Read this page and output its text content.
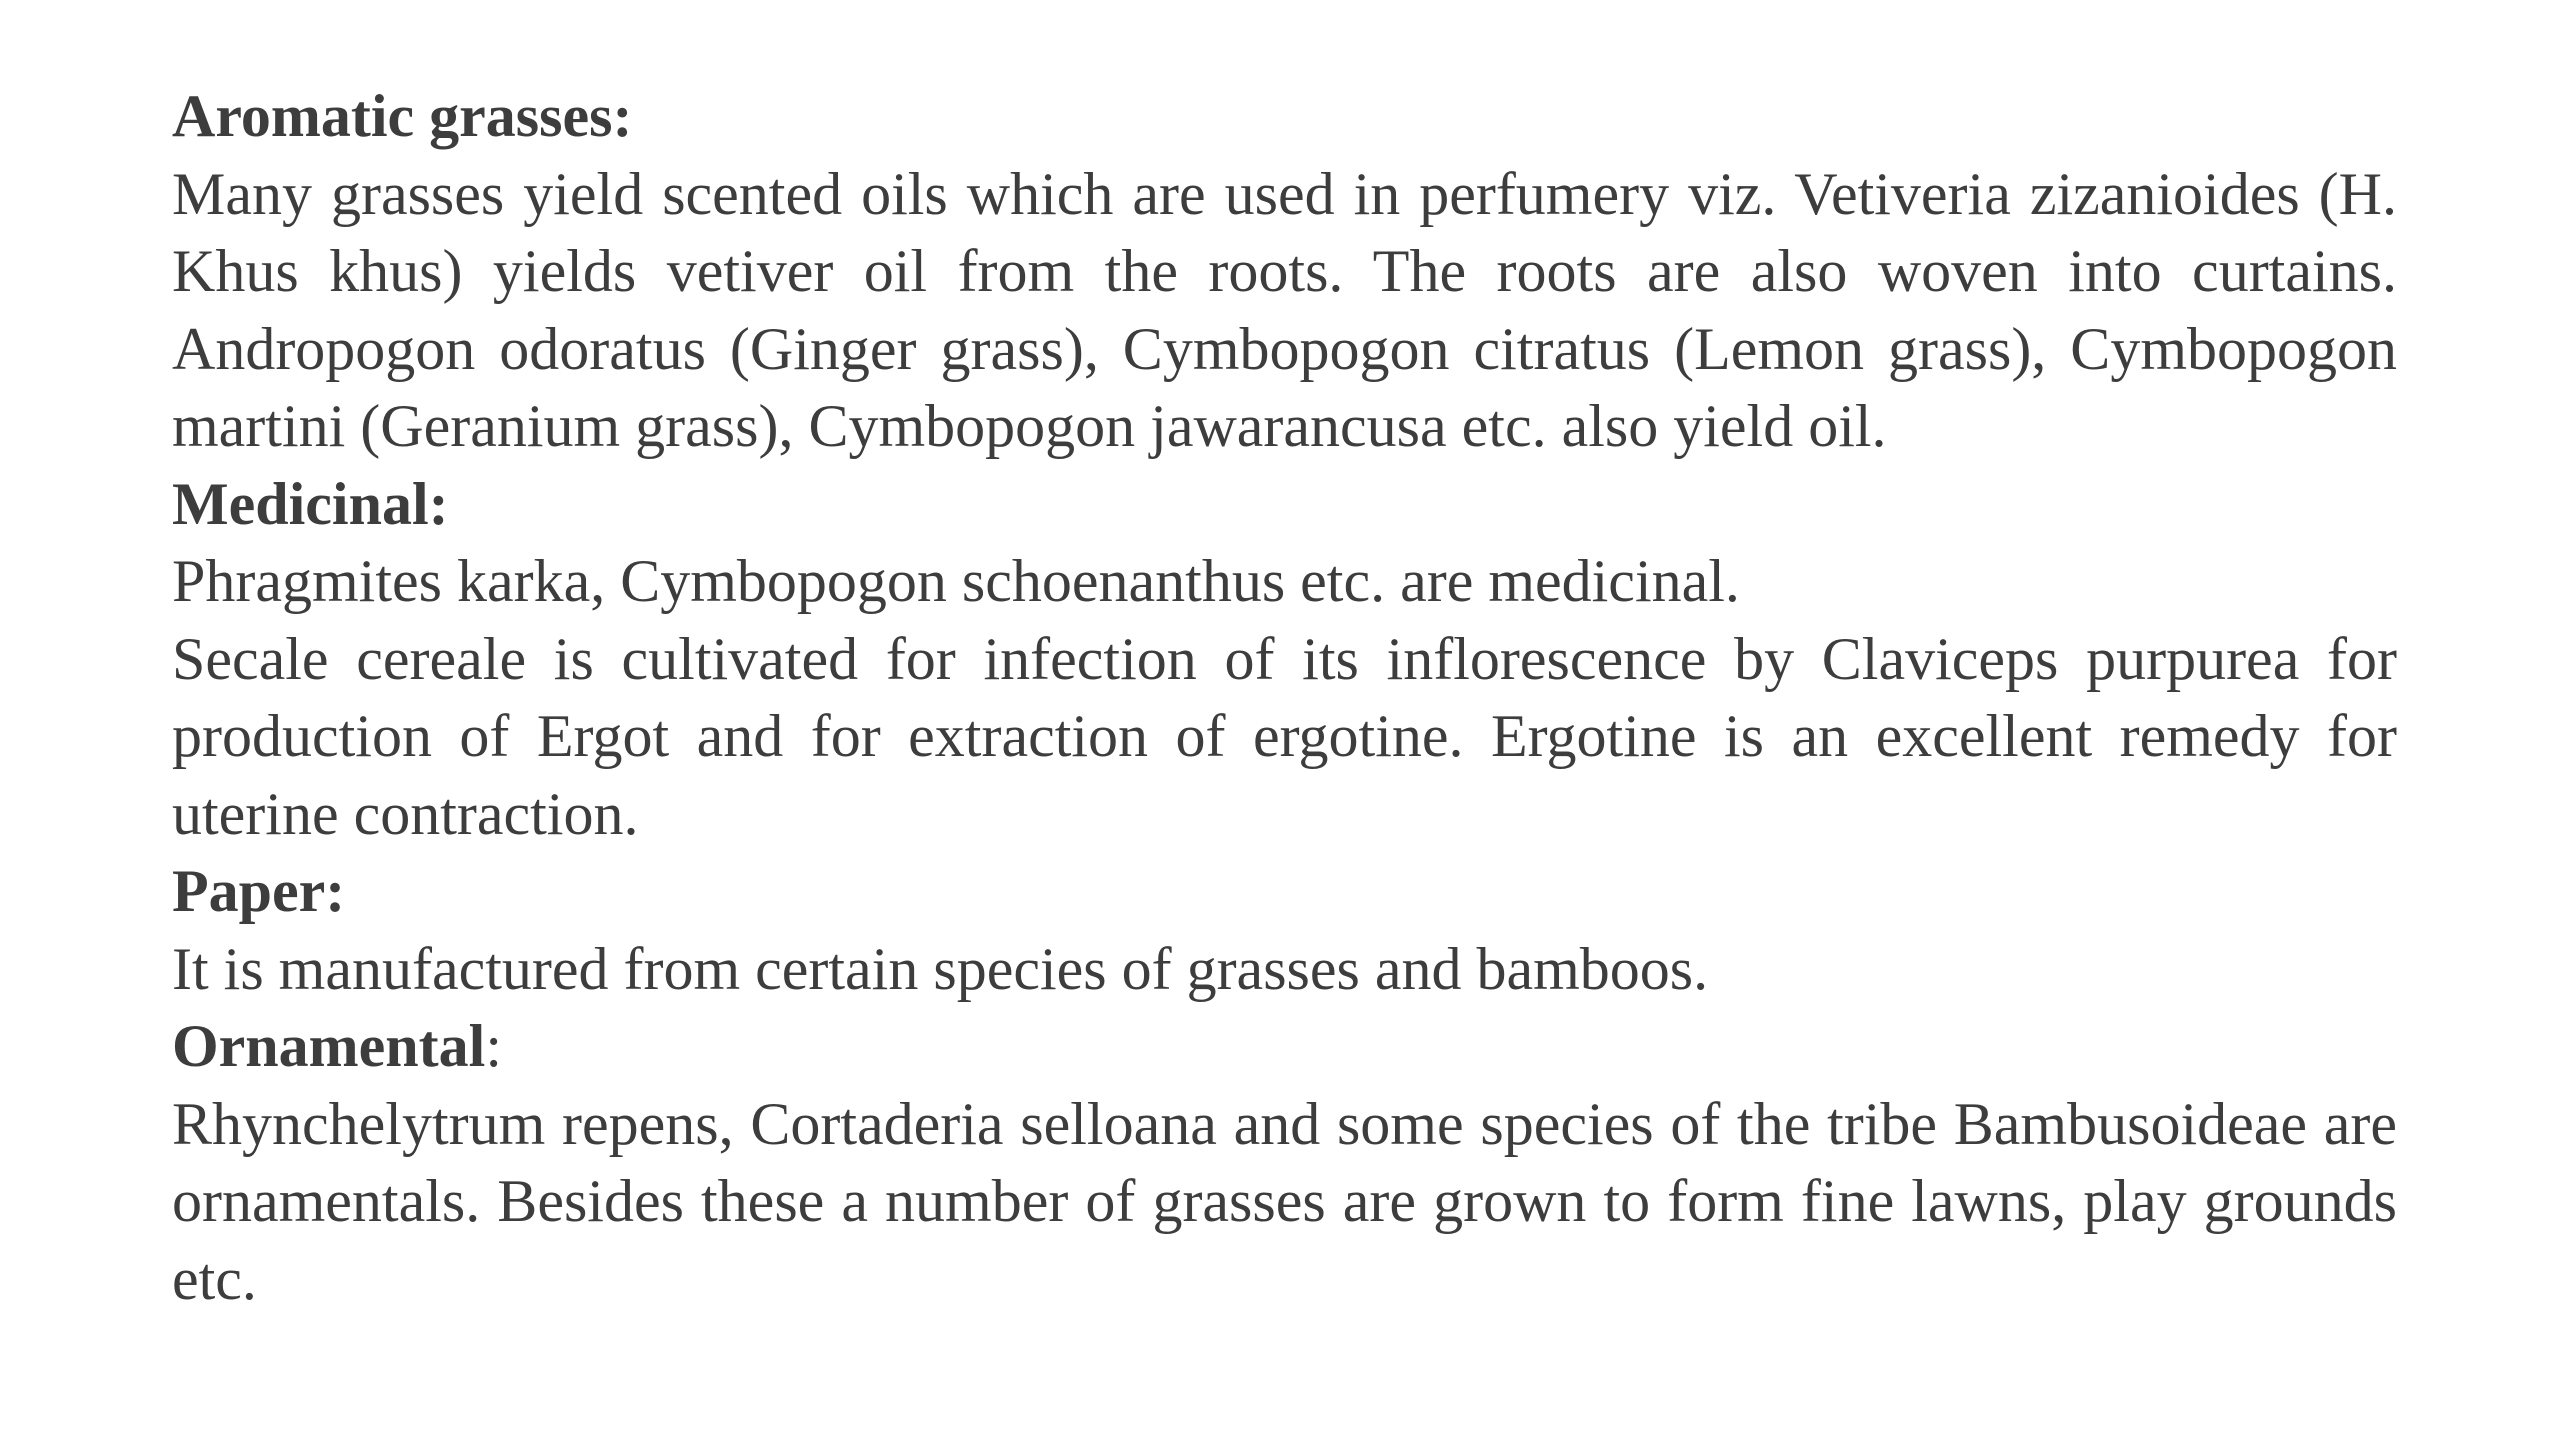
Aromatic grasses:

Many grasses yield scented oils which are used in perfumery viz. Vetiveria zizanioides (H. Khus khus) yields vetiver oil from the roots. The roots are also woven into curtains. Andropogon odoratus (Ginger grass), Cymbopogon citratus (Lemon grass), Cymbopogon martini (Geranium grass), Cymbopogon jawarancusa etc. also yield oil.

Medicinal:

Phragmites karka, Cymbopogon schoenanthus etc. are medicinal.

Secale cereale is cultivated for infection of its inflorescence by Claviceps purpurea for production of Ergot and for extraction of ergotine. Ergotine is an excellent remedy for uterine contraction.

Paper:

It is manufactured from certain species of grasses and bamboos.

Ornamental:

Rhynchelytrum repens, Cortaderia selloana and some species of the tribe Bambusoideae are ornamentals. Besides these a number of grasses are grown to form fine lawns, play grounds etc.
